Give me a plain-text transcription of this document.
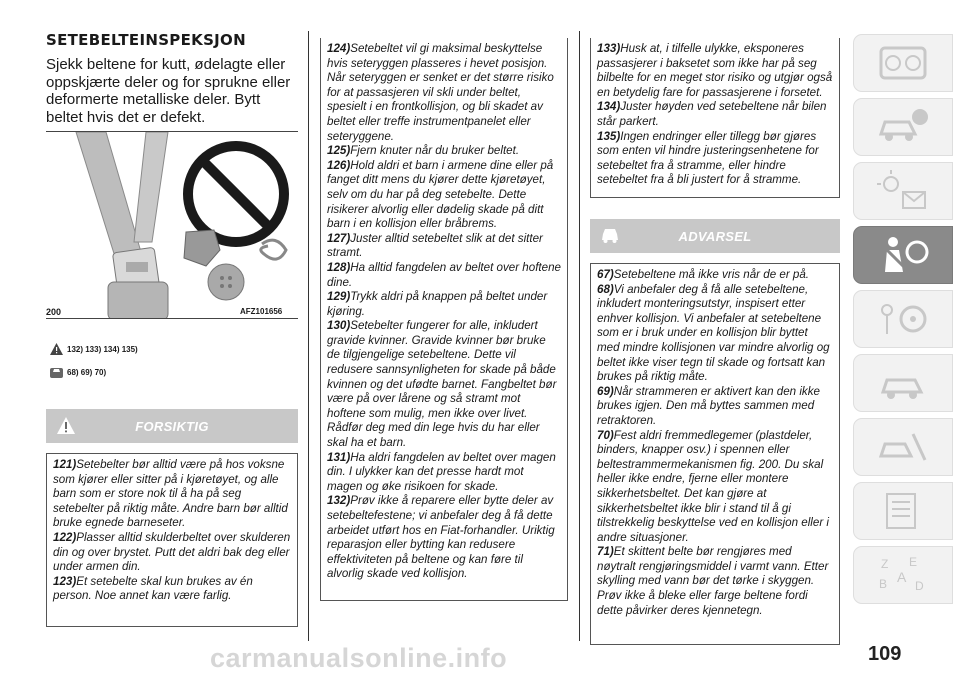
SETEBELTEINSPEKSJON
Sjekk beltene for kutt, ødelagte eller oppskjærte deler og for sprukne eller deformerte metalliske deler. Bytt beltet hvis det er defekt.
200	AFZ101656
132) 133) 134) 135)
68) 69) 70)
FORSIKTIG

121)Setebelter bør alltid være på hos voksne som kjører eller sitter på i kjøretøyet, og alle barn som er store nok til å ha på seg setebelter på riktig måte. Andre barn bør alltid bruke egnede barneseter.

122)Plasser alltid skulderbeltet over skulderen din og over brystet. Putt det aldri bak deg eller under armen din.

123)Et setebelte skal kun brukes av én person. Noe annet kan være farlig.

124)Setebeltet vil gi maksimal beskyttelse hvis seteryggen plasseres i hevet posisjon. Når seteryggen er senket er det større risiko for at passasjeren vil skli under beltet, spesielt i en frontkollisjon, og bli skadet av beltet eller treffe instrumentpanelet eller seteryggene.

125)Fjern knuter når du bruker beltet.

126)Hold aldri et barn i armene dine eller på fanget ditt mens du kjører dette kjøretøyet, selv om du har på deg setebelte. Dette risikerer alvorlig eller dødelig skade på ditt barn i en kollisjon eller bråbrems.

127)Juster alltid setebeltet slik at det sitter stramt.

128)Ha alltid fangdelen av beltet over hoftene dine.

129)Trykk aldri på knappen på beltet under kjøring.

130)Setebelter fungerer for alle, inkludert gravide kvinner. Gravide kvinner bør bruke de tilgjengelige setebeltene. Dette vil redusere sannsynligheten for skade på både kvinnen og det ufødte barnet. Fangbeltet bør være på over lårene og så stramt mot hoftene som mulig, men ikke over livet. Rådfør deg med din lege hvis du har eller skal ha et barn.

131)Ha aldri fangdelen av beltet over magen din. I ulykker kan det presse hardt mot magen og øke risikoen for skade.

132)Prøv ikke å reparere eller bytte deler av setebeltefestene; vi anbefaler deg å få dette arbeidet utført hos en Fiat-forhandler. Uriktig reparasjon eller bytting kan redusere effektiviteten på beltene og kan føre til alvorlig skade ved kollisjon.

133)Husk at, i tilfelle ulykke, eksponeres passasjerer i baksetet som ikke har på seg bilbelte for en meget stor risiko og utgjør også en betydelig fare for passasjerene i forsetet.

134)Juster høyden ved setebeltene når bilen står parkert.

135)Ingen endringer eller tillegg bør gjøres som enten vil hindre justeringsenhetene for setebeltet fra å stramme, eller hindre setebeltet fra å bli justert for å stramme.

ADVARSEL

67)Setebeltene må ikke vris når de er på.

68)Vi anbefaler deg å få alle setebeltene, inkludert monteringsutstyr, inspisert etter enhver kollisjon. Vi anbefaler at setebeltene som er i bruk under en kollisjon blir byttet med mindre kollisjonen var mindre alvorlig og beltet ikke viser tegn til skade og fortsatt kan brukes på riktig måte.

69)Når strammeren er aktivert kan den ikke brukes igjen. Den må byttes sammen med retraktoren.

70)Fest aldri fremmedlegemer (plastdeler, binders, knapper osv.) i spennen eller beltestrammermekanismen fig. 200. Du skal heller ikke endre, fjerne eller montere sikkerhetsbeltet. Det kan gjøre at sikkerhetsbeltet ikke blir i stand til å gi tilstrekkelig beskyttelse ved en kollisjon eller i andre situasjoner.

71)Et skittent belte bør rengjøres med nøytralt rengjøringsmiddel i varmt vann. Etter skylling med vann bør det tørke i skyggen. Prøv ikke å bleke eller farge beltene fordi dette påvirker deres kjennetegn.

Z E
B A
D
109
carmanualsonline.info
